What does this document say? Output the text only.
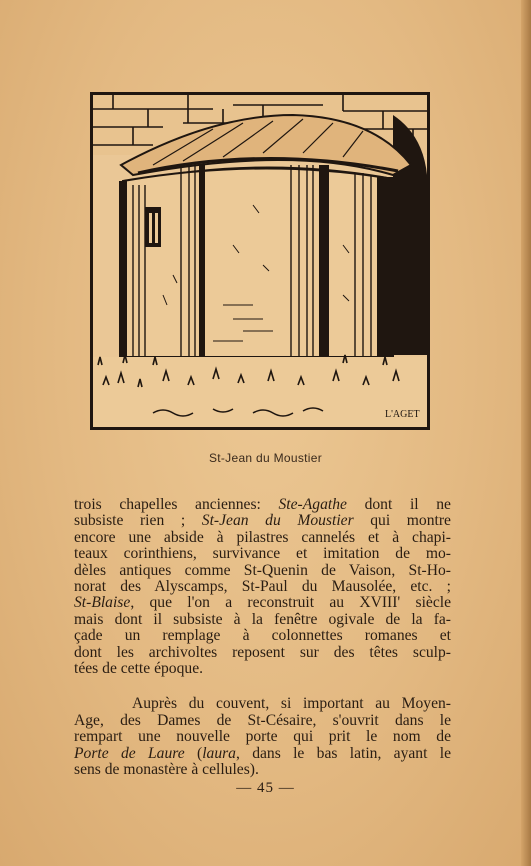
L'AGET
St-Jean du Moustier

trois chapelles anciennes: Ste-Agathe dont il ne
subsiste rien ; St-Jean du Moustier qui montre
encore une abside à pilastres cannelés et à chapi-
teaux corinthiens, survivance et imitation de mo-
dèles antiques comme St-Quenin de Vaison, St-Ho-
norat des Alyscamps, St-Paul du Mausolée, etc. ;
St-Blaise, que l'on a reconstruit au XVIII' siècle
mais dont il subsiste à la fenêtre ogivale de la fa-
çade un remplage à colonnettes romanes et
dont les archivoltes reposent sur des têtes sculp-
tées de cette époque.

Auprès du couvent, si important au Moyen-
Age, des Dames de St-Césaire, s'ouvrit dans le
rempart une nouvelle porte qui prit le nom de
Porte de Laure (laura, dans le bas latin, ayant le
sens de monastère à cellules).

— 45 —
